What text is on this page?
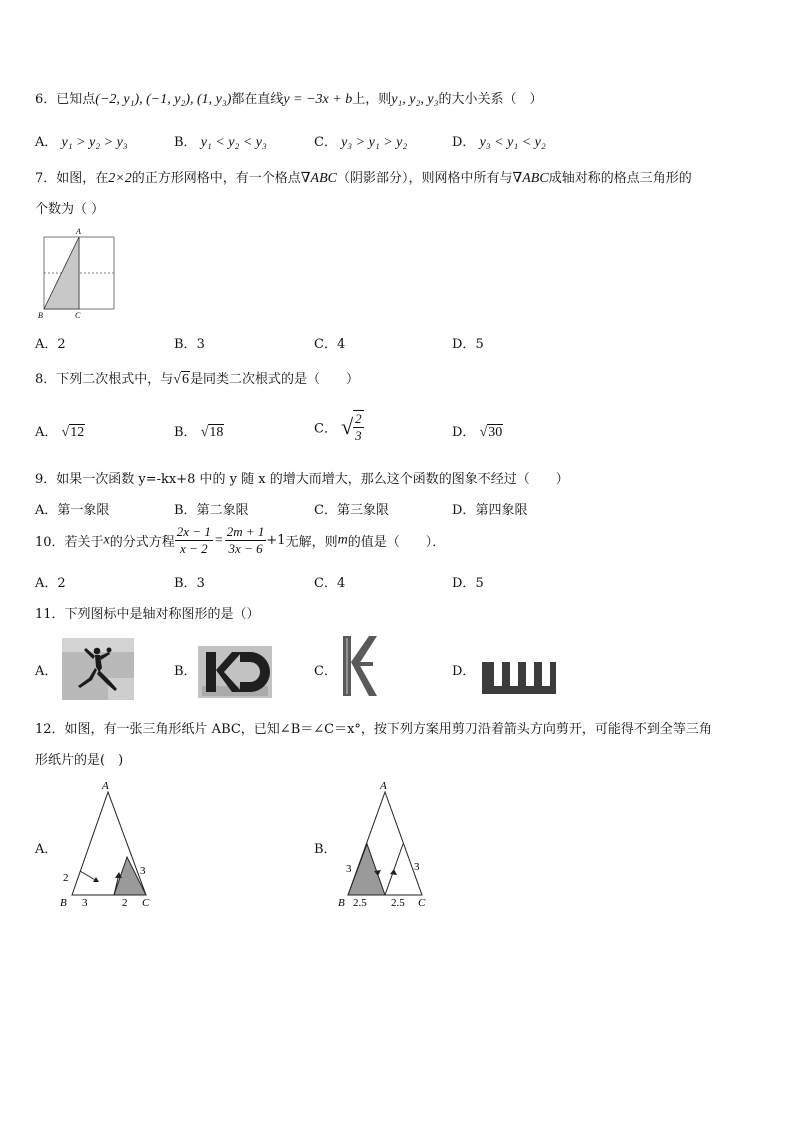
6．已知点(−2, y₁), (−1, y₂), (1, y₃)都在直线y = −3x + b上，则y₁, y₂, y₃的大小关系（　）
A． y₁ > y₂ > y₃	B． y₁ < y₂ < y₃	C． y₃ > y₁ > y₂	D． y₃ < y₁ < y₂
7．如图，在2×2的正方形网格中，有一个格点∇ABC（阴影部分），则网格中所有与∇ABC成轴对称的格点三角形的
个数为（ ）
A
B	C
A．2	B．3	C．4	D．5
8．下列二次根式中，与√6是同类二次根式的是（　　）
A． √12	B． √18	C． √ $\frac{2}{3}$	D． √30
9．如果一次函数 y=-kx+8 中的 y 随 x 的增大而增大，那么这个函数的图象不经过（　　）
A．第一象限	B．第二象限	C．第三象限	D．第四象限
10．若关于x的分式方程 $\frac{2x - 1}{x - 2} = \frac{2m + 1}{3x - 6} +1$无解，则m的值是（　　）．
A．2	B．3	C．4	D．5
11．下列图标中是轴对称图形的是（）
A．	B．	C．	D．
12．如图，有一张三角形纸片 ABC，已知∠B＝∠C＝x°，按下列方案用剪刀沿着箭头方向剪开，可能得不到全等三角
形纸片的是(　)
A．
A
B	C
2
3	2
3
B．
A
B	C
3
2.5 2.5
3
